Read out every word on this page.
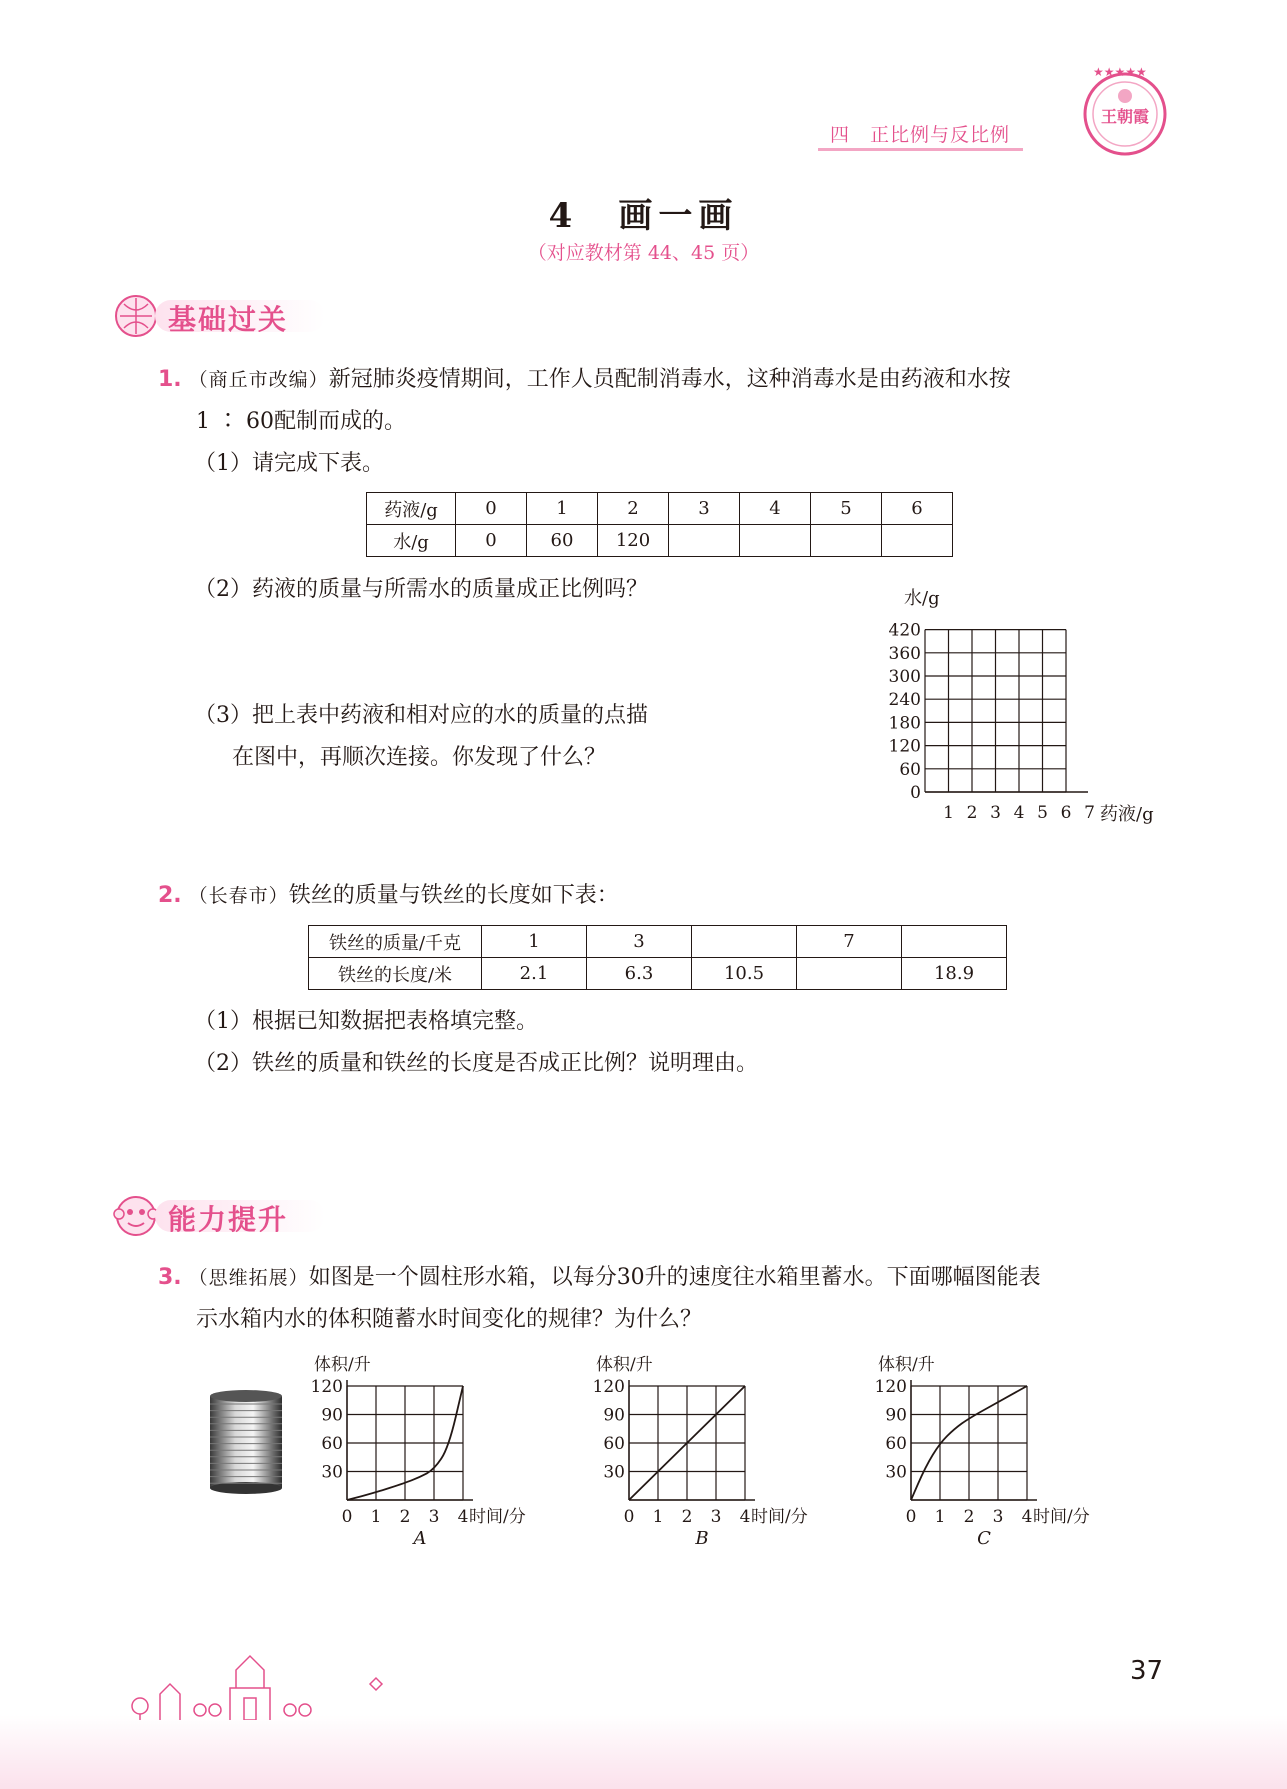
四　正比例与反比例
★★★★★
王朝霞
4　画一画
（对应教材第 44、45 页）
基础过关
1. （商丘市改编）新冠肺炎疫情期间，工作人员配制消毒水，这种消毒水是由药液和水按
1 ∶ 60配制而成的。
（1）请完成下表。
药液/g	0	1	2	3	4	5	6
水/g	0	60	120				
（2）药液的质量与所需水的质量成正比例吗？
（3）把上表中药液和相对应的水的质量的点描
在图中，再顺次连接。你发现了什么？
水/g
0
60
120
180
240
300
360
420
1 2 3 4 5 6 7 药液/g
2. （长春市）铁丝的质量与铁丝的长度如下表：
铁丝的质量/千克	1	3		7	
铁丝的长度/米	2.1	6.3	10.5		18.9
（1）根据已知数据把表格填完整。
（2）铁丝的质量和铁丝的长度是否成正比例？说明理由。
能力提升
3. （思维拓展）如图是一个圆柱形水箱，以每分30升的速度往水箱里蓄水。下面哪幅图能表
示水箱内水的体积随蓄水时间变化的规律？为什么？
体积/升
30
60
90
120
0 1 2 3 4 时间/分
A
体积/升
30
60
90
120
0 1 2 3 4 时间/分
B
体积/升
30
60
90
120
0 1 2 3 4 时间/分
C
37
